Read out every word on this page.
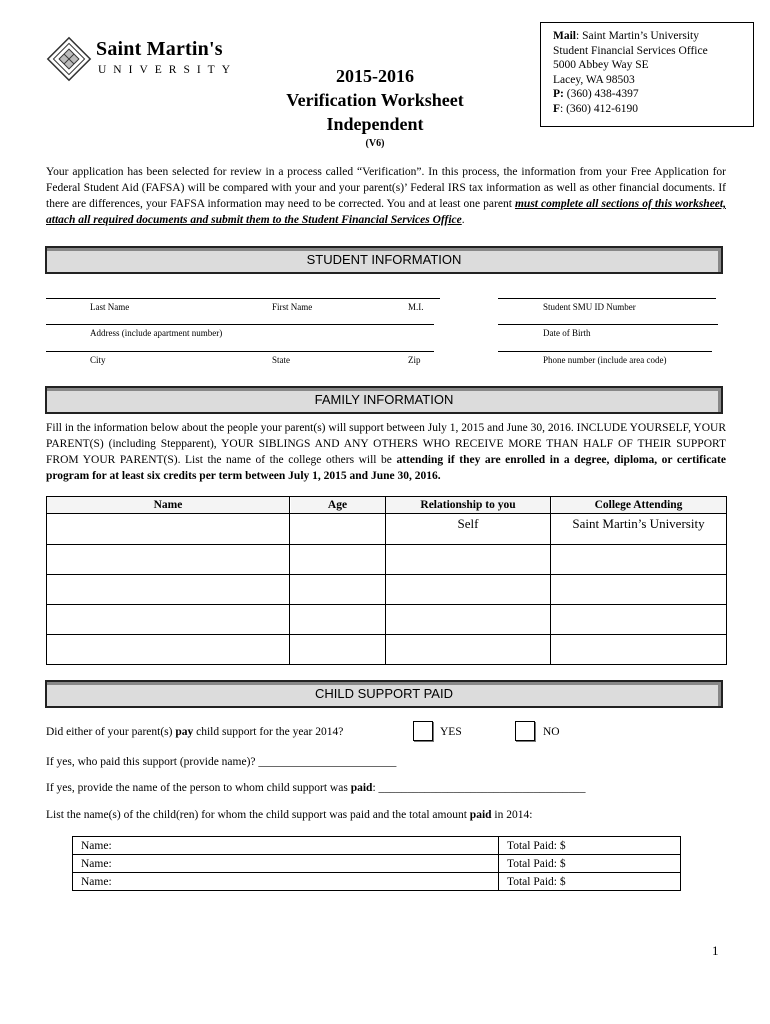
Saint Martin's
UNIVERSITY	2015-2016
Verification Worksheet
Independent
(V6)
Mail: Saint Martin’s University
Student Financial Services Office
5000 Abbey Way SE
Lacey, WA 98503
P: (360) 438-4397
F: (360) 412-6190
Your application has been selected for review in a process called “Verification”. In this process, the information from your Free Application for Federal Student Aid (FAFSA) will be compared with your and your parent(s)’ Federal IRS tax information as well as other financial documents. If there are differences, your FAFSA information may need to be corrected. You and at least one parent must complete all sections of this worksheet, attach all required documents and submit them to the Student Financial Services Office.
STUDENT INFORMATION
Last Name	First Name	M.I.	Student SMU ID Number
Address (include apartment number)	Date of Birth
City	State	Zip	Phone number (include area code)
FAMILY INFORMATION
Fill in the information below about the people your parent(s) will support between July 1, 2015 and June 30, 2016. INCLUDE YOURSELF, YOUR PARENT(S) (including Stepparent), YOUR SIBLINGS AND ANY OTHERS WHO RECEIVE MORE THAN HALF OF THEIR SUPPORT FROM YOUR PARENT(S). List the name of the college others will be attending if they are enrolled in a degree, diploma, or certificate program for at least six credits per term between July 1, 2015 and June 30, 2016.
Name	Age	Relationship to you	College Attending
		Self	Saint Martin’s University

CHILD SUPPORT PAID
Did either of your parent(s) pay child support for the year 2014?	YES	NO
If yes, who paid this support (provide name)? ________________________
If yes, provide the name of the person to whom child support was paid: ____________________________________
List the name(s) of the child(ren) for whom the child support was paid and the total amount paid in 2014:
Name:	Total Paid: $
Name:	Total Paid: $
Name:	Total Paid: $
1
